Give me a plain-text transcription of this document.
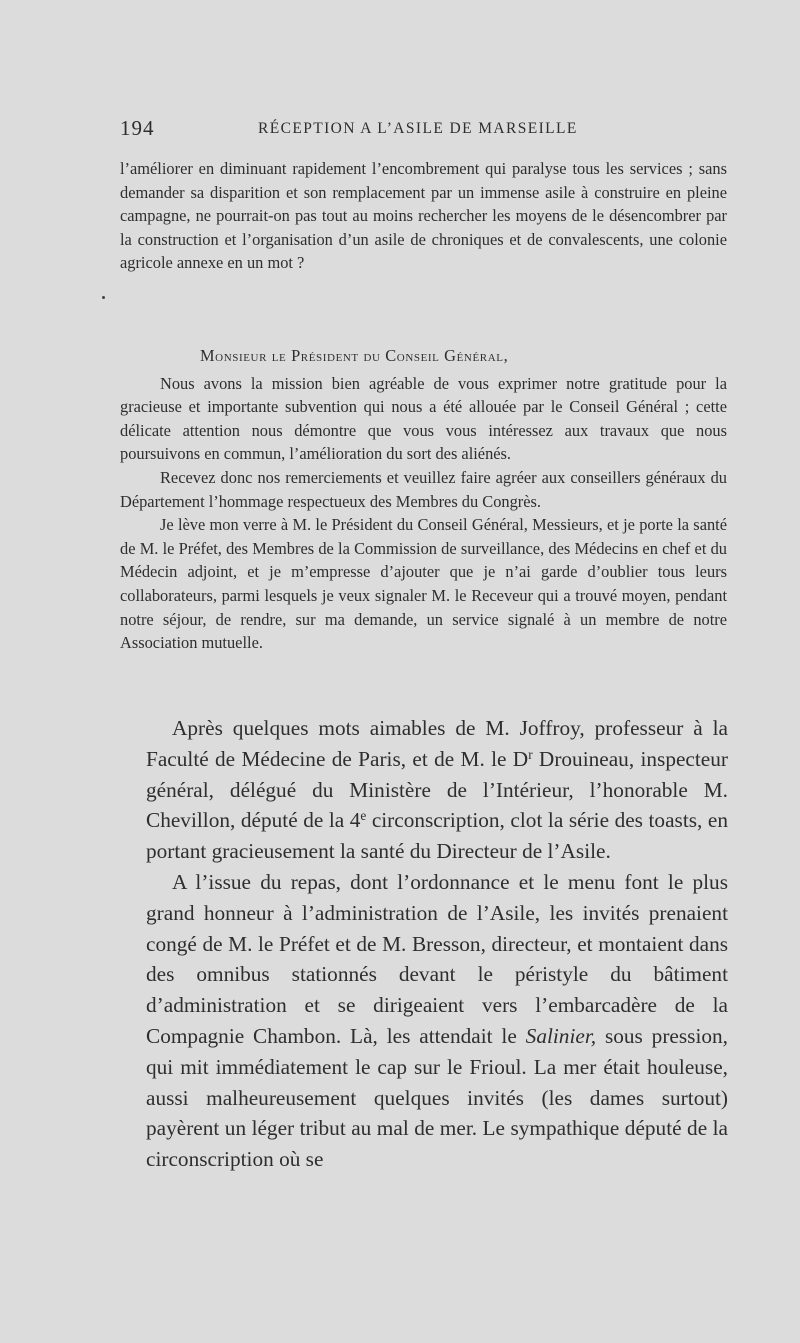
194	RÉCEPTION A L’ASILE DE MARSEILLE

l’améliorer en diminuant rapidement l’encombrement qui paralyse tous les services ; sans demander sa disparition et son remplacement par un immense asile à construire en pleine campagne, ne pourrait-on pas tout au moins rechercher les moyens de le désencombrer par la construction et l’organisation d’un asile de chroniques et de convalescents, une colonie agricole annexe en un mot ?

Monsieur le Président du Conseil Général,

Nous avons la mission bien agréable de vous exprimer notre gratitude pour la gracieuse et importante subvention qui nous a été allouée par le Conseil Général ; cette délicate attention nous démontre que vous vous intéressez aux travaux que nous poursuivons en commun, l’amélioration du sort des aliénés.

Recevez donc nos remerciements et veuillez faire agréer aux conseillers généraux du Département l’hommage respectueux des Membres du Congrès.

Je lève mon verre à M. le Président du Conseil Général, Messieurs, et je porte la santé de M. le Préfet, des Membres de la Commission de surveillance, des Médecins en chef et du Médecin adjoint, et je m’empresse d’ajouter que je n’ai garde d’oublier tous leurs collaborateurs, parmi lesquels je veux signaler M. le Receveur qui a trouvé moyen, pendant notre séjour, de rendre, sur ma demande, un service signalé à un membre de notre Association mutuelle.

Après quelques mots aimables de M. Joffroy, professeur à la Faculté de Médecine de Paris, et de M. le $D^r$ Drouineau, inspecteur général, délégué du Ministère de l’Intérieur, l’honorable M. Chevillon, député de la 4e circonscription, clot la série des toasts, en portant gracieusement la santé du Directeur de l’Asile.

A l’issue du repas, dont l’ordonnance et le menu font le plus grand honneur à l’administration de l’Asile, les invités prenaient congé de M. le Préfet et de M. Bresson, directeur, et montaient dans des omnibus stationnés devant le péristyle du bâtiment d’administration et se dirigeaient vers l’embarcadère de la Compagnie Chambon. Là, les attendait le Salinier, sous pression, qui mit immédiatement le cap sur le Frioul. La mer était houleuse, aussi malheureusement quelques invités (les dames surtout) payèrent un léger tribut au mal de mer. Le sympathique député de la circonscription où se
